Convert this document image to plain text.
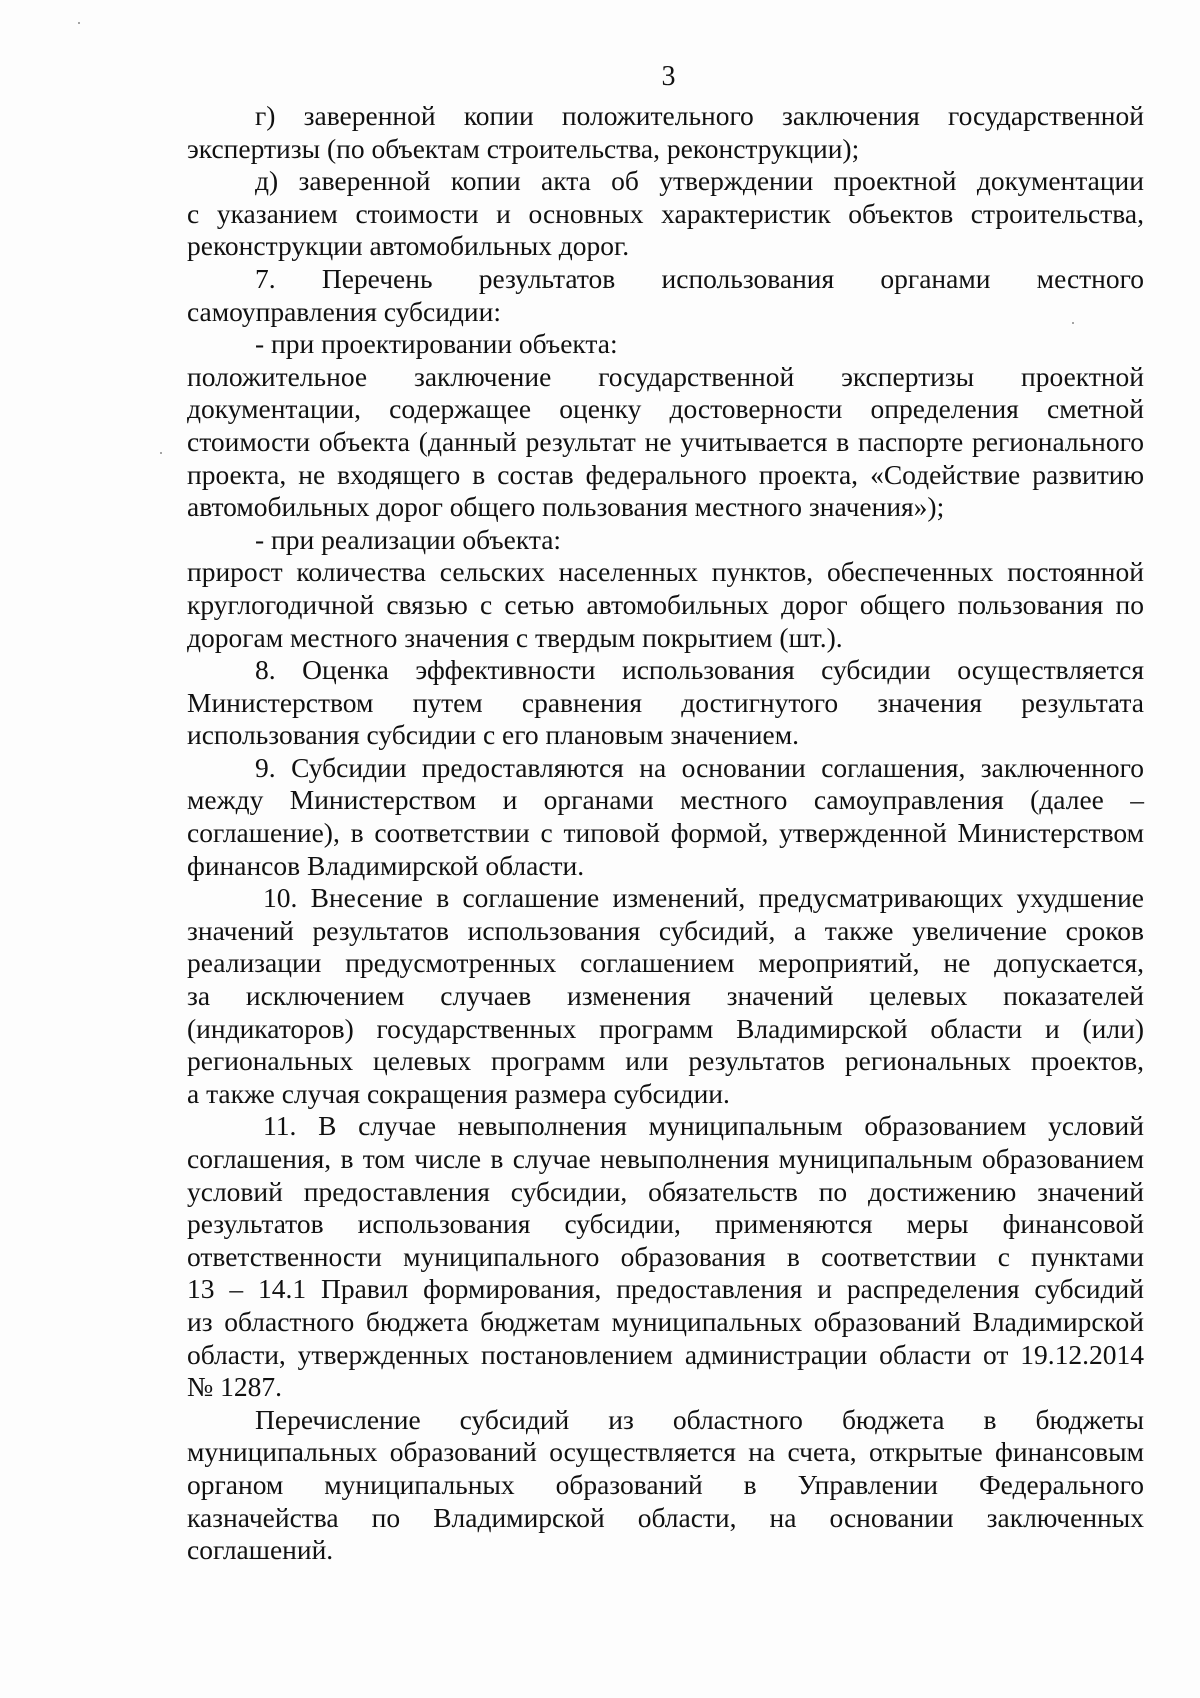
3
г) заверенной копии положительного заключения государственной
экспертизы (по объектам строительства, реконструкции);
д) заверенной копии акта об утверждении проектной документации
с указанием стоимости и основных характеристик объектов строительства,
реконструкции автомобильных дорог.
7. Перечень результатов использования органами местного
самоуправления субсидии:
- при проектировании объекта:
положительное заключение государственной экспертизы проектной
документации, содержащее оценку достоверности определения сметной
стоимости объекта (данный результат не учитывается в паспорте регионального
проекта, не входящего в состав федерального проекта, «Содействие развитию
автомобильных дорог общего пользования местного значения»);
- при реализации объекта:
прирост количества сельских населенных пунктов, обеспеченных постоянной
круглогодичной связью с сетью автомобильных дорог общего пользования по
дорогам местного значения с твердым покрытием (шт.).
8. Оценка эффективности использования субсидии осуществляется
Министерством путем сравнения достигнутого значения результата
использования субсидии с его плановым значением.
9. Субсидии предоставляются на основании соглашения, заключенного
между Министерством и органами местного самоуправления (далее –
соглашение), в соответствии с типовой формой, утвержденной Министерством
финансов Владимирской области.
10. Внесение в соглашение изменений, предусматривающих ухудшение
значений результатов использования субсидий, а также увеличение сроков
реализации предусмотренных соглашением мероприятий, не допускается,
за исключением случаев изменения значений целевых показателей
(индикаторов) государственных программ Владимирской области и (или)
региональных целевых программ или результатов региональных проектов,
а также случая сокращения размера субсидии.
11. В случае невыполнения муниципальным образованием условий
соглашения, в том числе в случае невыполнения муниципальным образованием
условий предоставления субсидии, обязательств по достижению значений
результатов использования субсидии, применяются меры финансовой
ответственности муниципального образования в соответствии с пунктами
13 – 14.1 Правил формирования, предоставления и распределения субсидий
из областного бюджета бюджетам муниципальных образований Владимирской
области, утвержденных постановлением администрации области от 19.12.2014
№ 1287.
Перечисление субсидий из областного бюджета в бюджеты
муниципальных образований осуществляется на счета, открытые финансовым
органом муниципальных образований в Управлении Федерального
казначейства по Владимирской области, на основании заключенных
соглашений.
